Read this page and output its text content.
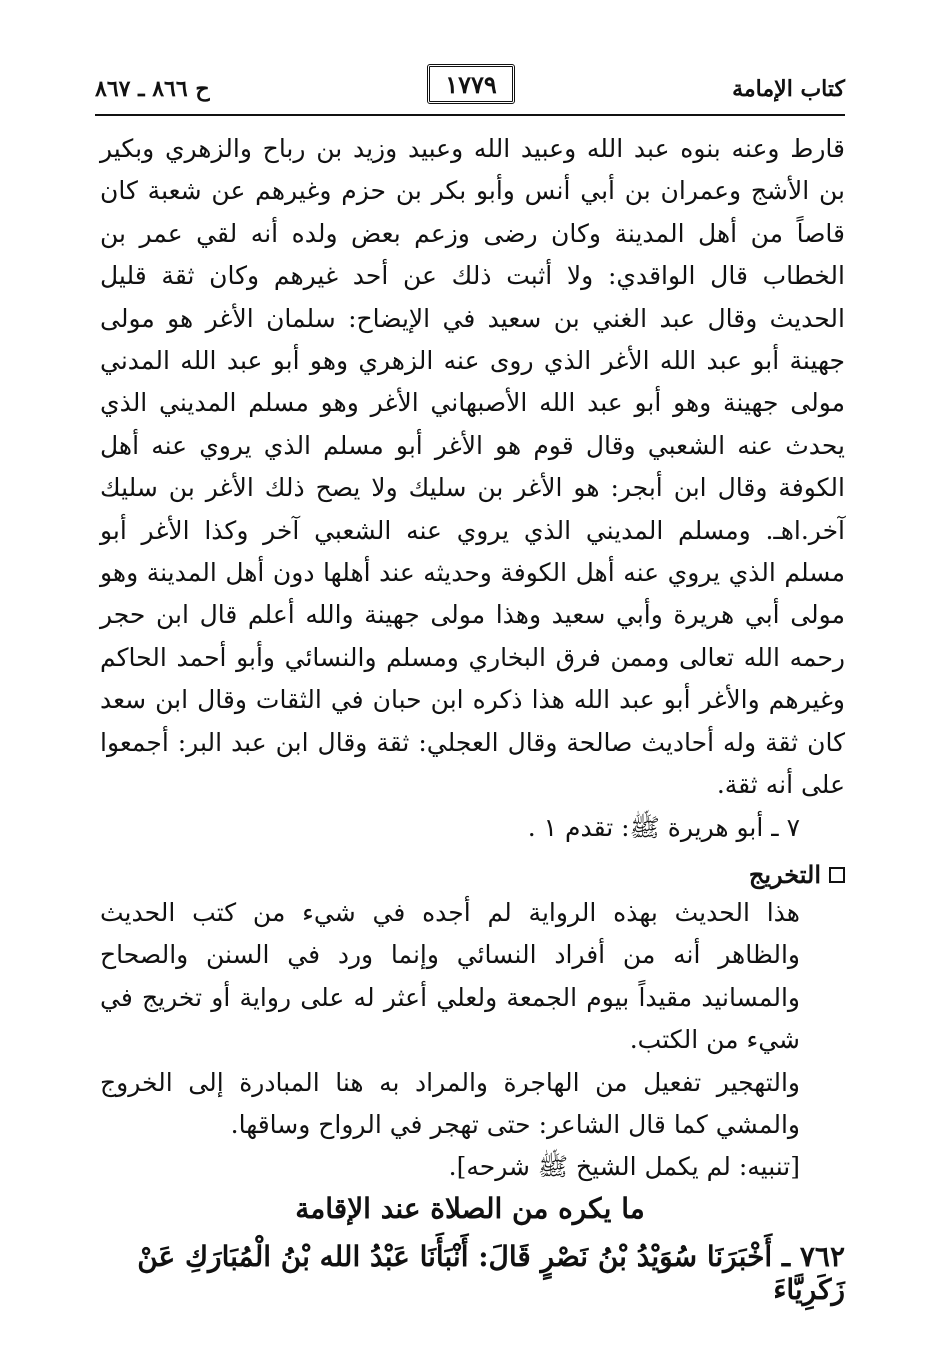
كتاب الإمامة
١٧٧٩
ح ٨٦٦ ـ ٨٦٧

قارط وعنه بنوه عبد الله وعبيد الله وعبيد وزيد بن رباح والزهري وبكير بن الأشج وعمران بن أبي أنس وأبو بكر بن حزم وغيرهم عن شعبة كان قاصاً من أهل المدينة وكان رضى وزعم بعض ولده أنه لقي عمر بن الخطاب قال الواقدي: ولا أثبت ذلك عن أحد غيرهم وكان ثقة قليل الحديث وقال عبد الغني بن سعيد في الإيضاح: سلمان الأغر هو مولى جهينة أبو عبد الله الأغر الذي روى عنه الزهري وهو أبو عبد الله المدني مولى جهينة وهو أبو عبد الله الأصبهاني الأغر وهو مسلم المديني الذي يحدث عنه الشعبي وقال قوم هو الأغر أبو مسلم الذي يروي عنه أهل الكوفة وقال ابن أبجر: هو الأغر بن سليك ولا يصح ذلك الأغر بن سليك آخر.اهـ. ومسلم المديني الذي يروي عنه الشعبي آخر وكذا الأغر أبو مسلم الذي يروي عنه أهل الكوفة وحديثه عند أهلها دون أهل المدينة وهو مولى أبي هريرة وأبي سعيد وهذا مولى جهينة والله أعلم قال ابن حجر رحمه الله تعالى وممن فرق البخاري ومسلم والنسائي وأبو أحمد الحاكم وغيرهم والأغر أبو عبد الله هذا ذكره ابن حبان في الثقات وقال ابن سعد كان ثقة وله أحاديث صالحة وقال العجلي: ثقة وقال ابن عبد البر: أجمعوا على أنه ثقة.

٧ ـ أبو هريرة ﷺ: تقدم ١ .

التخريج

هذا الحديث بهذه الرواية لم أجده في شيء من كتب الحديث والظاهر أنه من أفراد النسائي وإنما ورد في السنن والصحاح والمسانيد مقيداً بيوم الجمعة ولعلي أعثر له على رواية أو تخريج في شيء من الكتب.

والتهجير تفعيل من الهاجرة والمراد به هنا المبادرة إلى الخروج والمشي كما قال الشاعر: حتى تهجر في الرواح وساقها.

[تنبيه: لم يكمل الشيخ ﷺ شرحه].

ما يكره من الصلاة عند الإقامة
٧٦٢ ـ أَخْبَرَنَا سُوَيْدُ بْنُ نَصْرٍ قَالَ: أَنْبَأَنَا عَبْدُ الله بْنُ الْمُبَارَكِ عَنْ زَكَرِيَّاءَ
